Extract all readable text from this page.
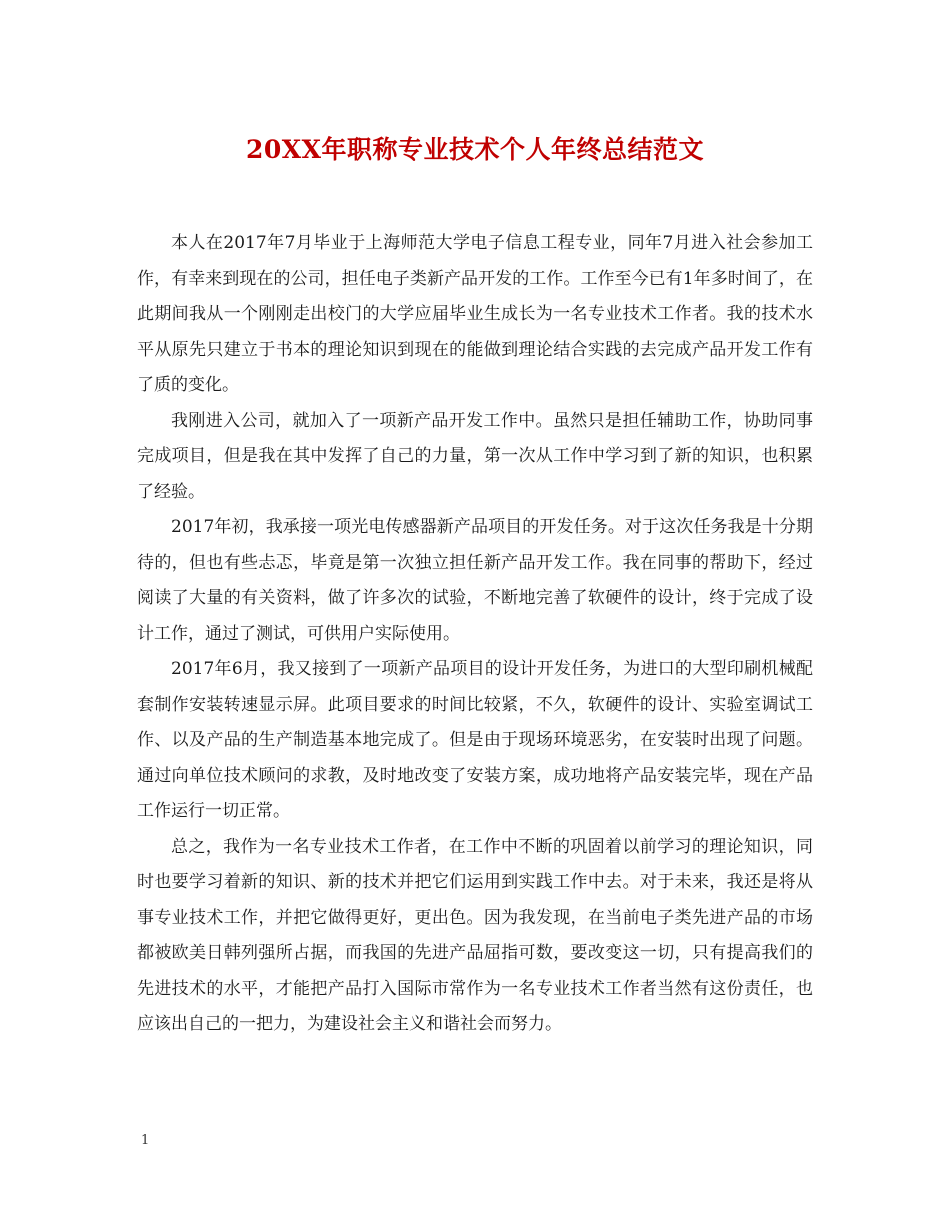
20XX年职称专业技术个人年终总结范文

本人在2017年7月毕业于上海师范大学电子信息工程专业，同年7月进入社会参加工作，有幸来到现在的公司，担任电子类新产品开发的工作。工作至今已有1年多时间了，在此期间我从一个刚刚走出校门的大学应届毕业生成长为一名专业技术工作者。我的技术水平从原先只建立于书本的理论知识到现在的能做到理论结合实践的去完成产品开发工作有了质的变化。

我刚进入公司，就加入了一项新产品开发工作中。虽然只是担任辅助工作，协助同事完成项目，但是我在其中发挥了自己的力量，第一次从工作中学习到了新的知识，也积累了经验。

2017年初，我承接一项光电传感器新产品项目的开发任务。对于这次任务我是十分期待的，但也有些忐忑，毕竟是第一次独立担任新产品开发工作。我在同事的帮助下，经过阅读了大量的有关资料，做了许多次的试验，不断地完善了软硬件的设计，终于完成了设计工作，通过了测试，可供用户实际使用。

2017年6月，我又接到了一项新产品项目的设计开发任务，为进口的大型印刷机械配套制作安装转速显示屏。此项目要求的时间比较紧，不久，软硬件的设计、实验室调试工作、以及产品的生产制造基本地完成了。但是由于现场环境恶劣，在安装时出现了问题。通过向单位技术顾问的求教，及时地改变了安装方案，成功地将产品安装完毕，现在产品工作运行一切正常。

总之，我作为一名专业技术工作者，在工作中不断的巩固着以前学习的理论知识，同时也要学习着新的知识、新的技术并把它们运用到实践工作中去。对于未来，我还是将从事专业技术工作，并把它做得更好，更出色。因为我发现，在当前电子类先进产品的市场都被欧美日韩列强所占据，而我国的先进产品屈指可数，要改变这一切，只有提高我们的先进技术的水平，才能把产品打入国际市常作为一名专业技术工作者当然有这份责任，也应该出自己的一把力，为建设社会主义和谐社会而努力。

1
